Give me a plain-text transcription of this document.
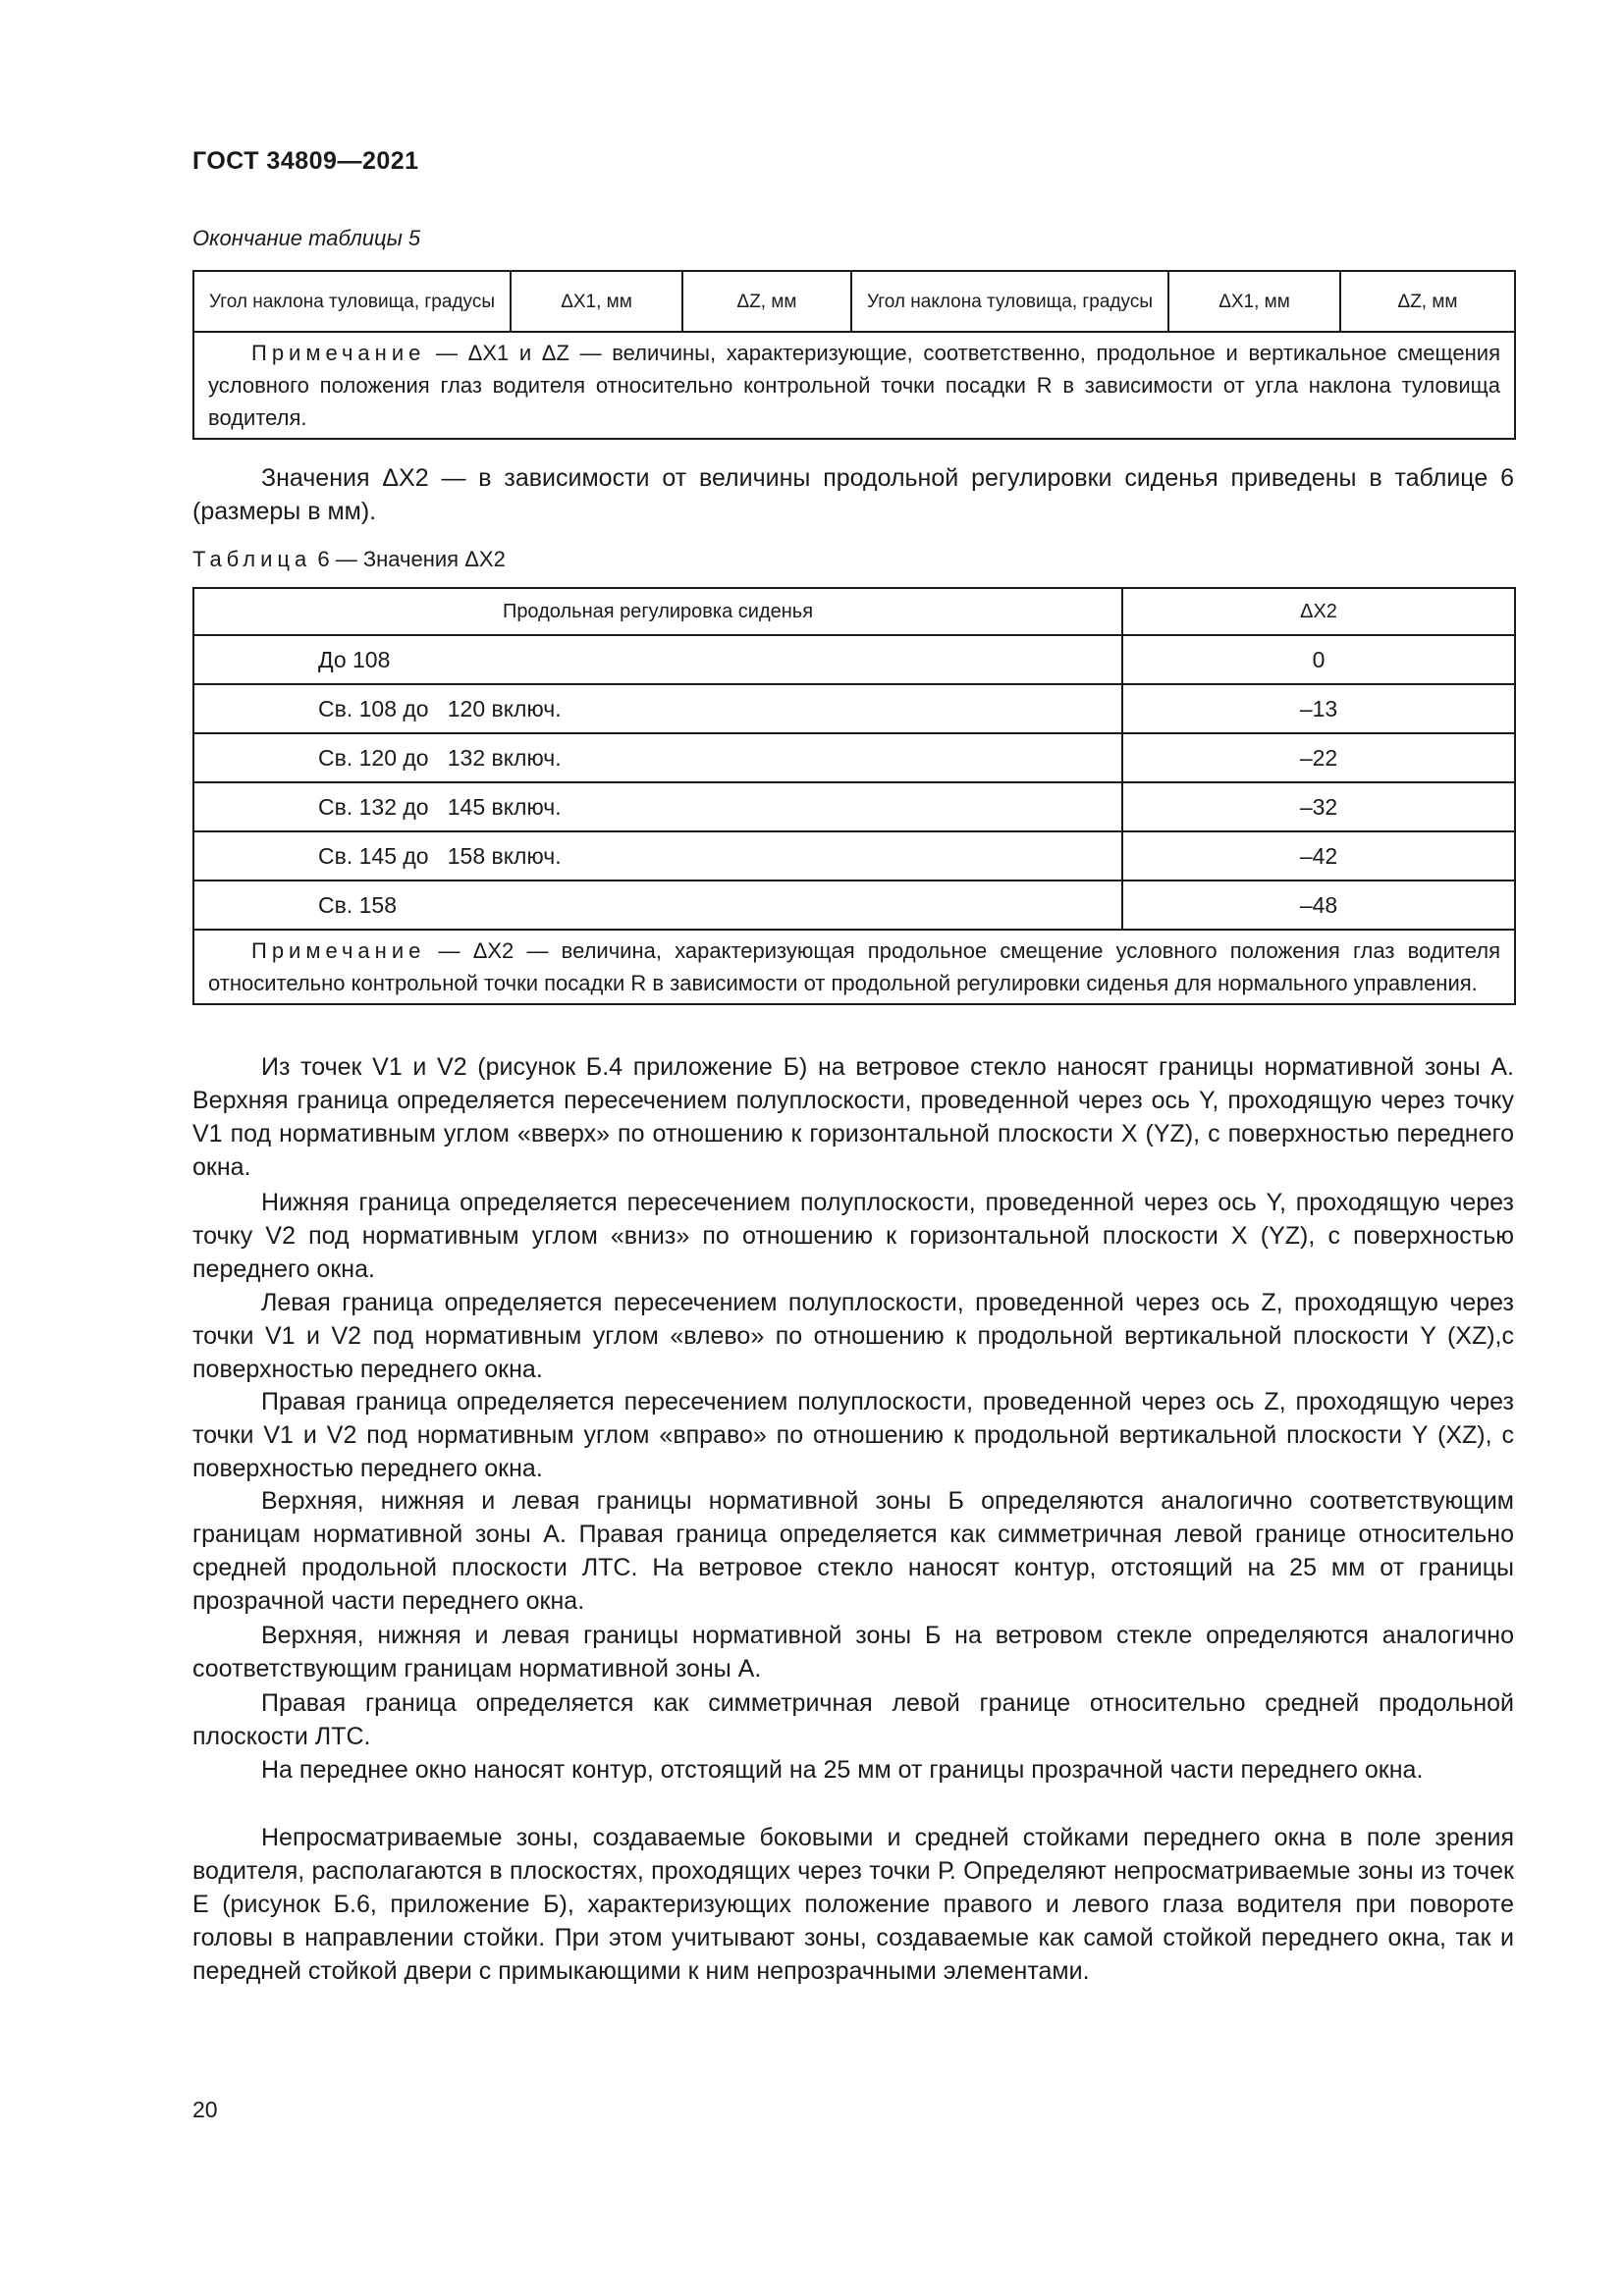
ГОСТ 34809—2021
Окончание таблицы 5
Угол наклона туловища, градусы	ΔX1, мм	ΔZ, мм	Угол наклона туловища, градусы	ΔX1, мм	ΔZ, мм
  Примечание — ΔX1 и ΔZ — величины, характеризующие, соответственно, продольное и вертикальное смещения условного положения глаз водителя относительно контрольной точки посадки R в зависимости от угла наклона туловища водителя.
Значения ΔX2 — в зависимости от величины продольной регулировки сиденья приведены в таблице 6 (размеры в мм).
Таблица 6 — Значения ΔX2
Продольная регулировка сиденья	ΔX2
До 108	0
Св. 108 до   120 включ.	–13
Св. 120 до   132 включ.	–22
Св. 132 до   145 включ.	–32
Св. 145 до   158 включ.	–42
Св. 158	–48
  Примечание — ΔX2 — величина, характеризующая продольное смещение условного положения глаз водителя относительно контрольной точки посадки R в зависимости от продольной регулировки сиденья для нормального управления.	
Из точек V1 и V2 (рисунок Б.4 приложение Б) на ветровое стекло наносят границы нормативной зоны А. Верхняя граница определяется пересечением полуплоскости, проведенной через ось Y, проходящую через точку V1 под нормативным углом «вверх» по отношению к горизонтальной плоскости X (YZ), с поверхностью переднего окна.
Нижняя граница определяется пересечением полуплоскости, проведенной через ось Y, проходящую через точку V2 под нормативным углом «вниз» по отношению к горизонтальной плоскости X (YZ), с поверхностью переднего окна.
Левая граница определяется пересечением полуплоскости, проведенной через ось Z, проходящую через точки V1 и V2 под нормативным углом «влево» по отношению к продольной вертикальной плоскости Y (XZ),с поверхностью переднего окна.
Правая граница определяется пересечением полуплоскости, проведенной через ось Z, проходящую через точки V1 и V2 под нормативным углом «вправо» по отношению к продольной вертикальной плоскости Y (XZ), с поверхностью переднего окна.
Верхняя, нижняя и левая границы нормативной зоны Б определяются аналогично соответствующим границам нормативной зоны А. Правая граница определяется как симметричная левой границе относительно средней продольной плоскости ЛТС. На ветровое стекло наносят контур, отстоящий на 25 мм от границы прозрачной части переднего окна.
Верхняя, нижняя и левая границы нормативной зоны Б на ветровом стекле определяются аналогично соответствующим границам нормативной зоны А.
Правая граница определяется как симметричная левой границе относительно средней продольной плоскости ЛТС.
На переднее окно наносят контур, отстоящий на 25 мм от границы прозрачной части переднего окна.
Непросматриваемые зоны, создаваемые боковыми и средней стойками переднего окна в поле зрения водителя, располагаются в плоскостях, проходящих через точки Р. Определяют непросматриваемые зоны из точек Е (рисунок Б.6, приложение Б), характеризующих положение правого и левого глаза водителя при повороте головы в направлении стойки. При этом учитывают зоны, создаваемые как самой стойкой переднего окна, так и передней стойкой двери с примыкающими к ним непрозрачными элементами.
20
